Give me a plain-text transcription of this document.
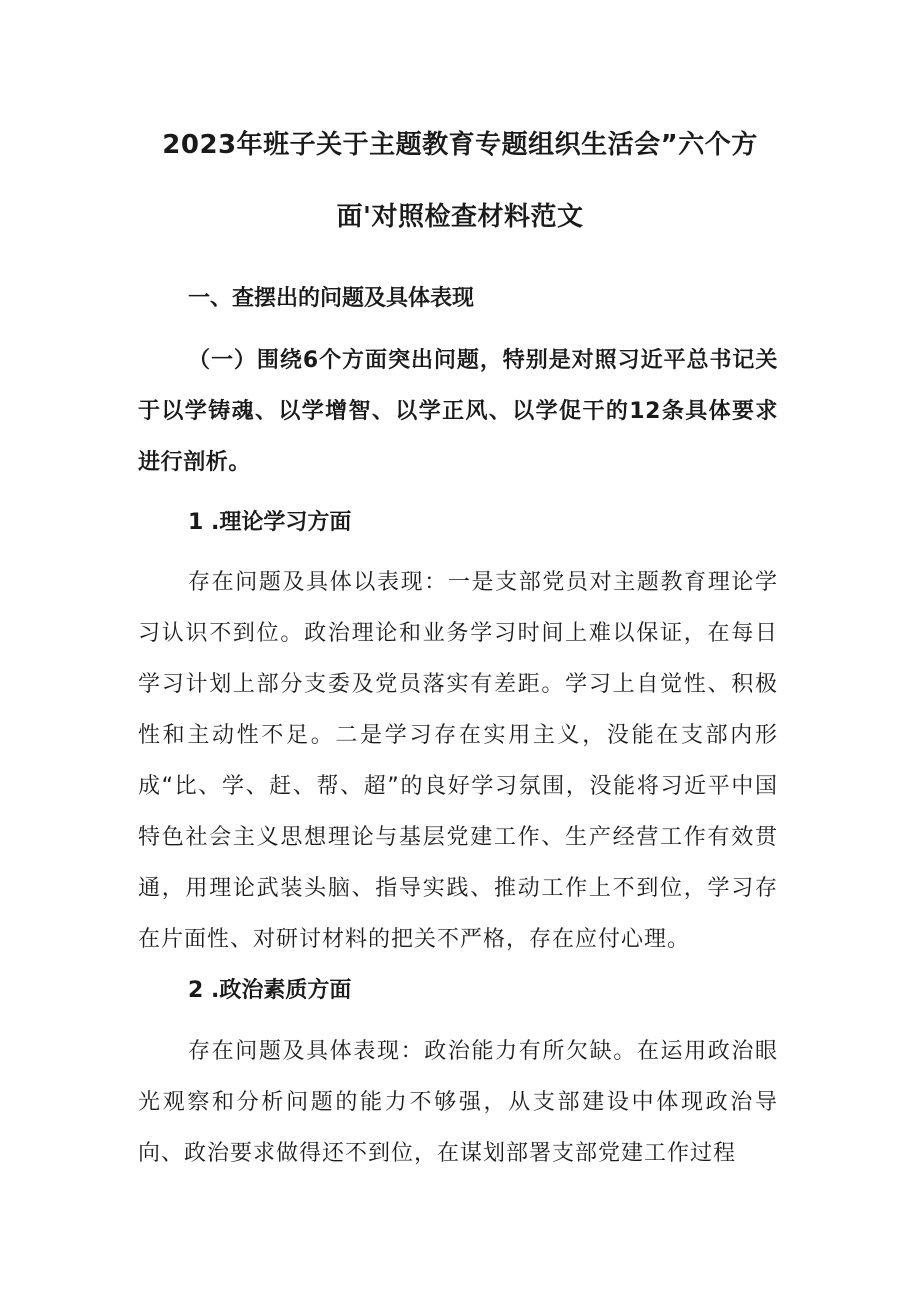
2023年班子关于主题教育专题组织生活会”六个方
面'对照检查材料范文
一、查摆出的问题及具体表现

（一）围绕6个方面突出问题，特别是对照习近平总书记关于以学铸魂、以学增智、以学正风、以学促干的12条具体要求进行剖析。

1 .理论学习方面

存在问题及具体以表现：一是支部党员对主题教育理论学习认识不到位。政治理论和业务学习时间上难以保证，在每日学习计划上部分支委及党员落实有差距。学习上自觉性、积极性和主动性不足。二是学习存在实用主义，没能在支部内形成“比、学、赶、帮、超”的良好学习氛围，没能将习近平中国特色社会主义思想理论与基层党建工作、生产经营工作有效贯通，用理论武装头脑、指导实践、推动工作上不到位，学习存在片面性、对研讨材料的把关不严格，存在应付心理。

2 .政治素质方面

存在问题及具体表现：政治能力有所欠缺。在运用政治眼光观察和分析问题的能力不够强，从支部建设中体现政治导向、政治要求做得还不到位，在谋划部署支部党建工作过程
